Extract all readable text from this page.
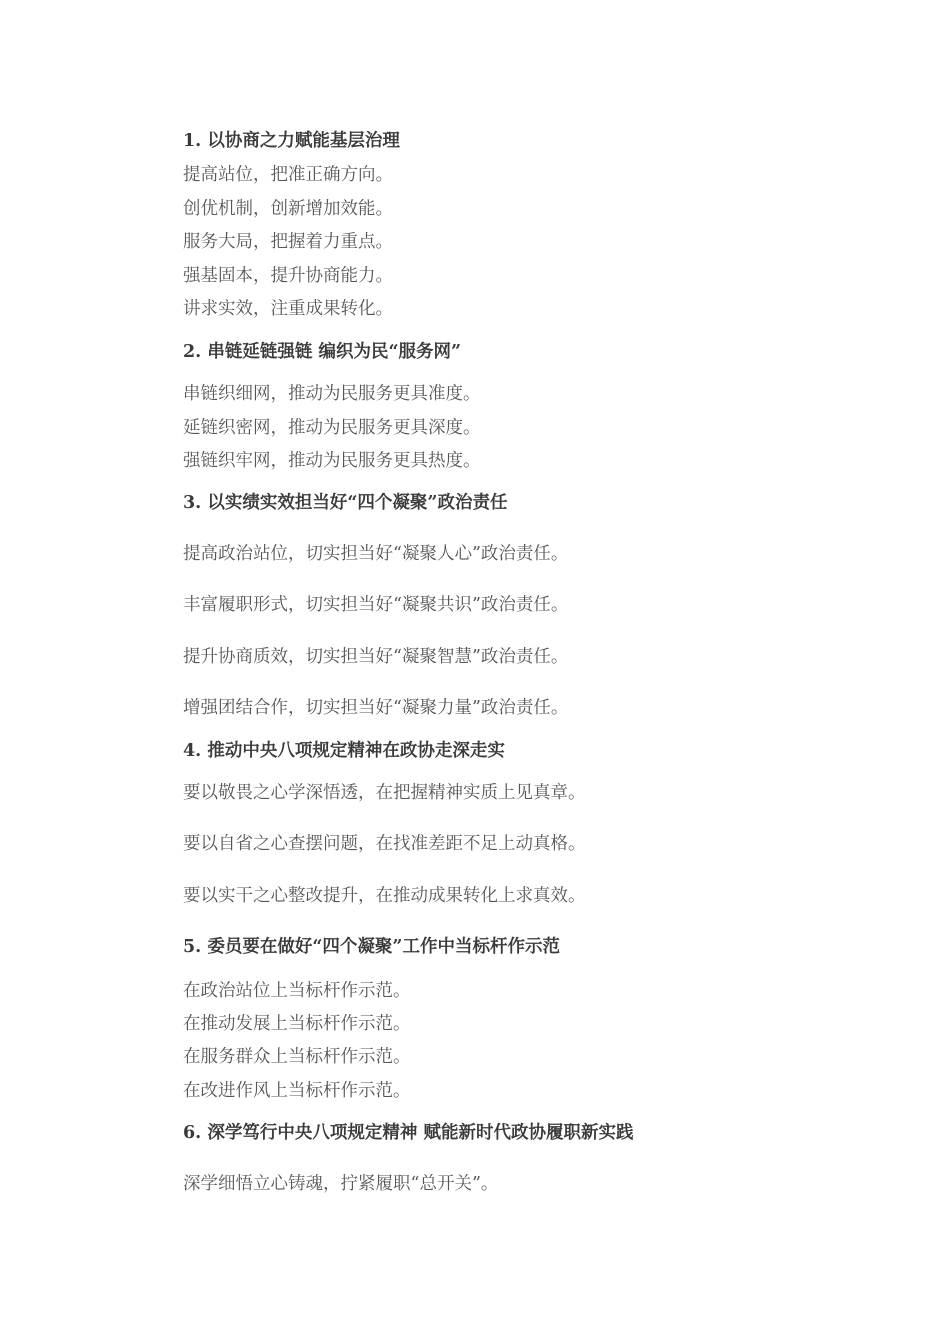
1. 以协商之力赋能基层治理
提高站位，把准正确方向。
创优机制，创新增加效能。
服务大局，把握着力重点。
强基固本，提升协商能力。
讲求实效，注重成果转化。
2. 串链延链强链 编织为民“服务网”
串链织细网，推动为民服务更具准度。
延链织密网，推动为民服务更具深度。
强链织牢网，推动为民服务更具热度。
3. 以实绩实效担当好“四个凝聚”政治责任
提高政治站位，切实担当好“凝聚人心”政治责任。
丰富履职形式，切实担当好“凝聚共识”政治责任。
提升协商质效，切实担当好“凝聚智慧”政治责任。
增强团结合作，切实担当好“凝聚力量”政治责任。
4. 推动中央八项规定精神在政协走深走实
要以敬畏之心学深悟透，在把握精神实质上见真章。
要以自省之心查摆问题，在找准差距不足上动真格。
要以实干之心整改提升，在推动成果转化上求真效。
5. 委员要在做好“四个凝聚”工作中当标杆作示范
在政治站位上当标杆作示范。
在推动发展上当标杆作示范。
在服务群众上当标杆作示范。
在改进作风上当标杆作示范。
6. 深学笃行中央八项规定精神 赋能新时代政协履职新实践
深学细悟立心铸魂，拧紧履职“总开关”。
